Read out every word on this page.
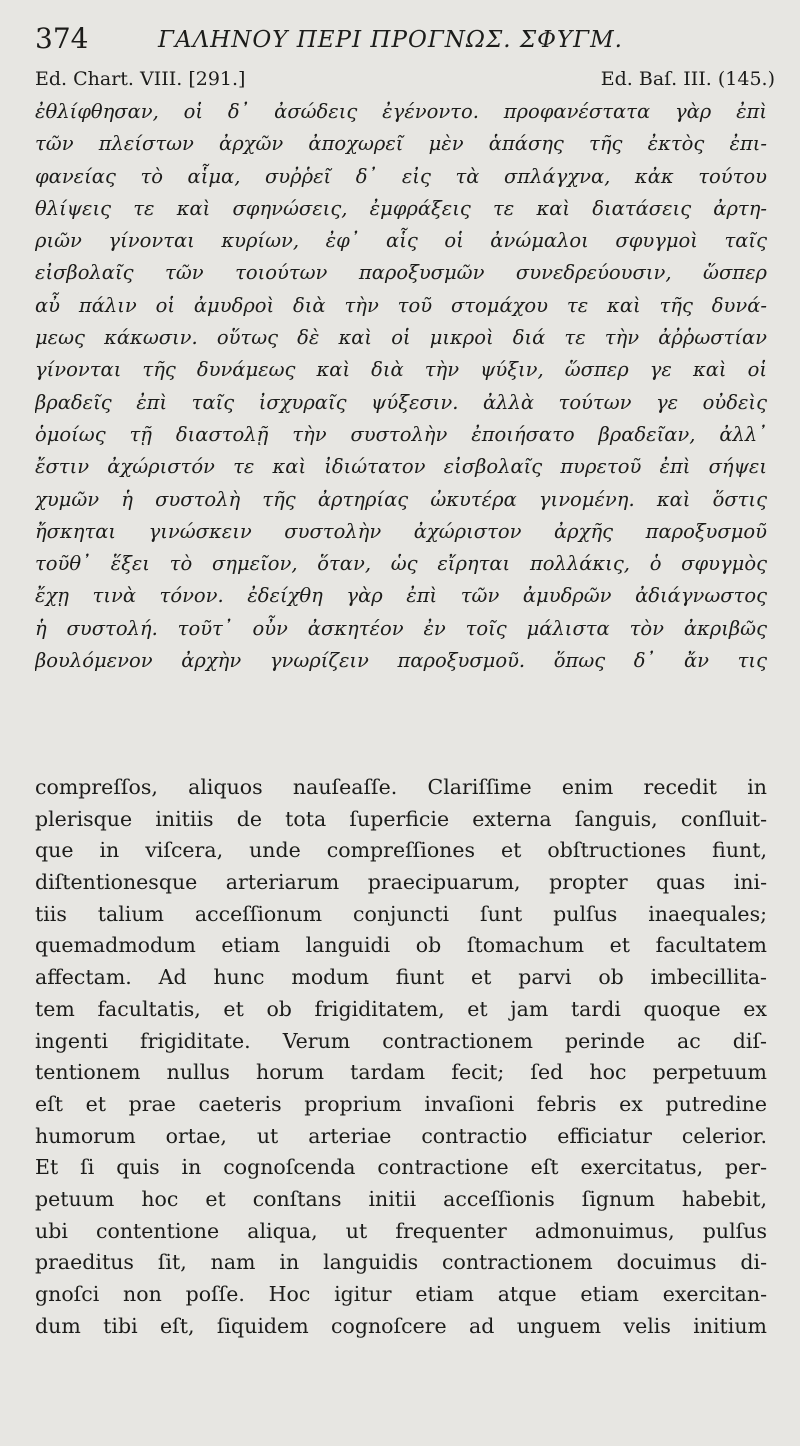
374	ΓΑΛΗΝΟΥ ΠΕΡΙ ΠΡΟΓΝΩΣ. ΣΦΥΓΜ.
Ed. Chart. VIII. [291.]	Ed. Baſ. III. (145.)
ἐθλίφθησαν, οἱ δ᾽ ἀσώδεις ἐγένοντο. προφανέστατα γὰρ ἐπὶ
τῶν πλείστων ἀρχῶν ἀποχωρεῖ μὲν ἁπάσης τῆς ἐκτὸς ἐπι-
φανείας τὸ αἷμα, συῤῥεῖ δ᾽ εἰς τὰ σπλάγχνα, κἀκ τούτου
θλίψεις τε καὶ σφηνώσεις, ἐμφράξεις τε καὶ διατάσεις ἀρτη-
ριῶν γίνονται κυρίων, ἐφ᾽ αἷς οἱ ἀνώμαλοι σφυγμοὶ ταῖς
εἰσβολαῖς τῶν τοιούτων παροξυσμῶν συνεδρεύουσιν, ὥσπερ
αὖ πάλιν οἱ ἀμυδροὶ διὰ τὴν τοῦ στομάχου τε καὶ τῆς δυνά-
μεως κάκωσιν. οὕτως δὲ καὶ οἱ μικροὶ διά τε τὴν ἀῤῥωστίαν
γίνονται τῆς δυνάμεως καὶ διὰ τὴν ψύξιν, ὥσπερ γε καὶ οἱ
βραδεῖς ἐπὶ ταῖς ἰσχυραῖς ψύξεσιν. ἀλλὰ τούτων γε οὐδεὶς
ὁμοίως τῇ διαστολῇ τὴν συστολὴν ἐποιήσατο βραδεῖαν, ἀλλ᾽
ἔστιν ἀχώριστόν τε καὶ ἰδιώτατον εἰσβολαῖς πυρετοῦ ἐπὶ σήψει
χυμῶν ἡ συστολὴ τῆς ἀρτηρίας ὠκυτέρα γινομένη. καὶ ὅστις
ἤσκηται γινώσκειν συστολὴν ἀχώριστον ἀρχῆς παροξυσμοῦ
τοῦθ᾽ ἕξει τὸ σημεῖον, ὅταν, ὡς εἴρηται πολλάκις, ὁ σφυγμὸς
ἔχῃ τινὰ τόνον. ἐδείχθη γὰρ ἐπὶ τῶν ἀμυδρῶν ἀδιάγνωστος
ἡ συστολή. τοῦτ᾽ οὖν ἀσκητέον ἐν τοῖς μάλιστα τὸν ἀκριβῶς
βουλόμενον ἀρχὴν γνωρίζειν παροξυσμοῦ. ὅπως δ᾽ ἄν τις
compreſſos, aliquos nauſeaſſe. Clariſſime enim recedit in
plerisque initiis de tota ſuperficie externa ſanguis, conſluit-
que in viſcera, unde compreſſiones et obſtructiones fiunt,
diſtentionesque arteriarum praecipuarum, propter quas ini-
tiis talium acceſſionum conjuncti ſunt pulſus inaequales;
quemadmodum etiam languidi ob ſtomachum et facultatem
affectam. Ad hunc modum fiunt et parvi ob imbecillita-
tem facultatis, et ob frigiditatem, et jam tardi quoque ex
ingenti frigiditate. Verum contractionem perinde ac diſ-
tentionem nullus horum tardam fecit; ſed hoc perpetuum
eſt et prae caeteris proprium invaſioni febris ex putredine
humorum ortae, ut arteriae contractio efficiatur celerior.
Et ſi quis in cognoſcenda contractione eſt exercitatus, per-
petuum hoc et conſtans initii acceſſionis ſignum habebit,
ubi contentione aliqua, ut frequenter admonuimus, pulſus
praeditus ſit, nam in languidis contractionem docuimus di-
gnoſci non poſſe. Hoc igitur etiam atque etiam exercitan-
dum tibi eſt, ſiquidem cognoſcere ad unguem velis initium
